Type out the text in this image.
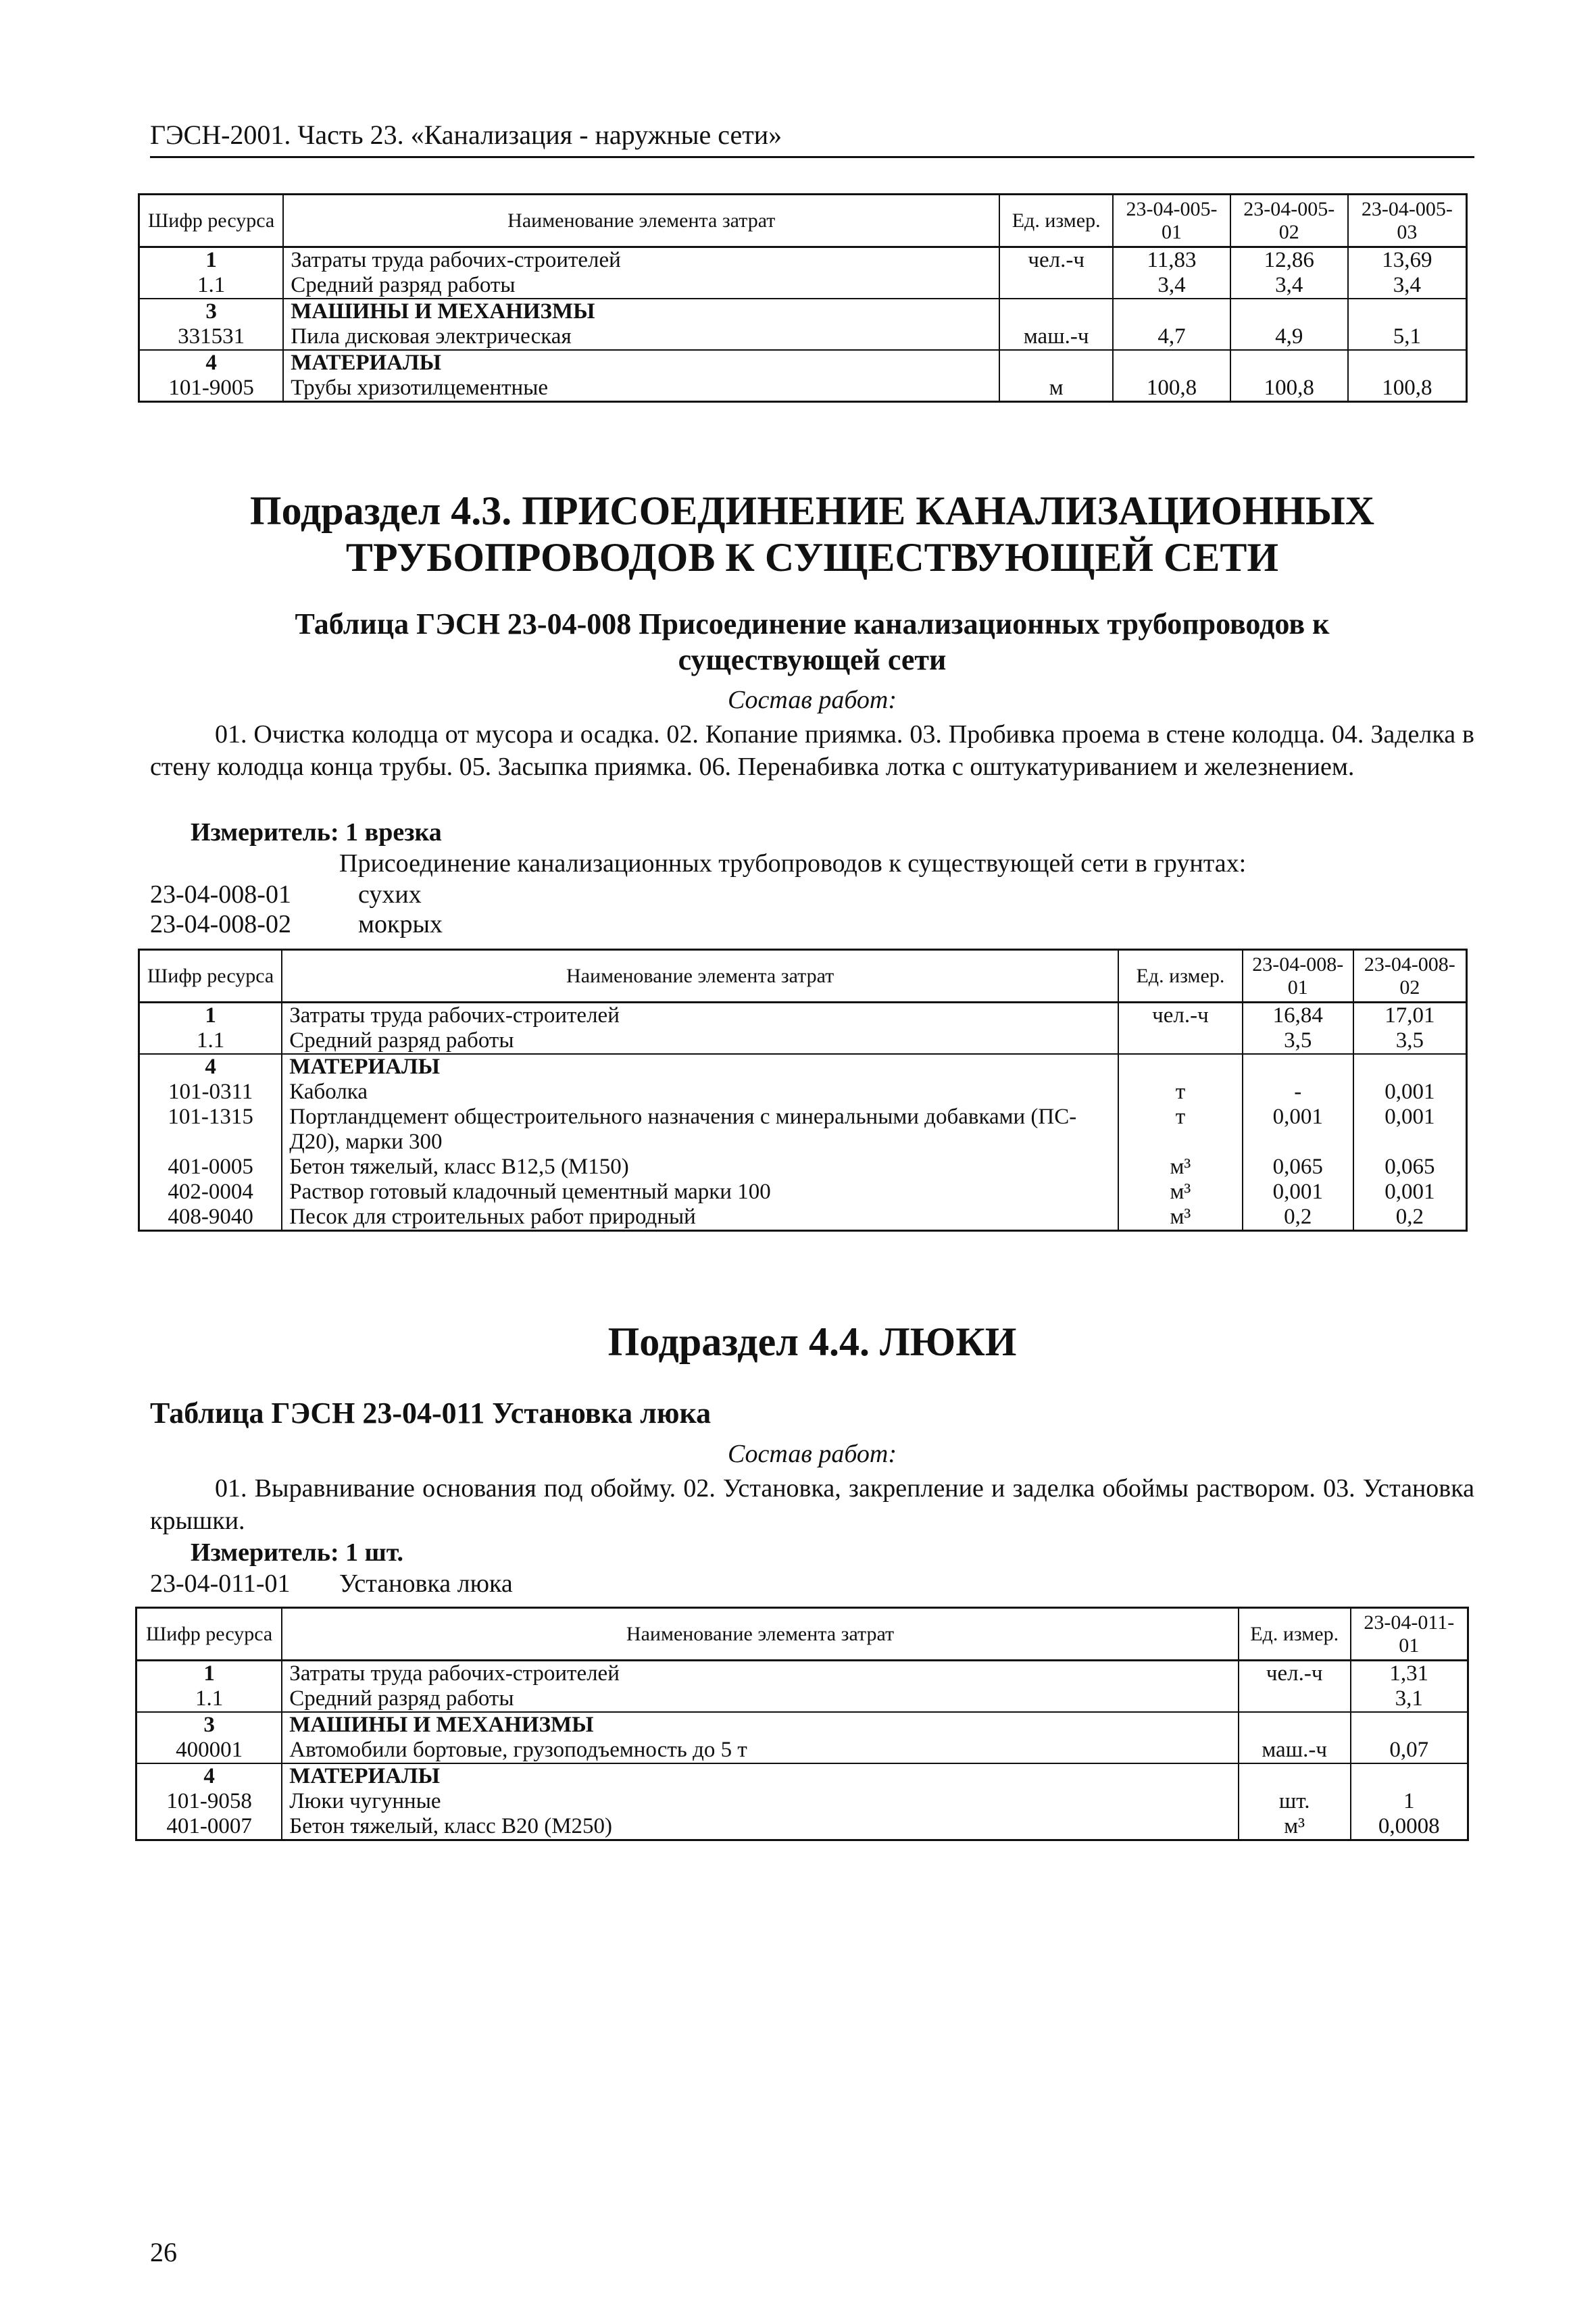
ГЭСН-2001. Часть 23. «Канализация - наружные сети»
Шифр ресурса	Наименование элемента затрат	Ед. измер.	23-04-005-01	23-04-005-02	23-04-005-03
1	Затраты труда рабочих-строителей	чел.-ч	11,83	12,86	13,69
1.1	Средний разряд работы		3,4	3,4	3,4
3	МАШИНЫ И МЕХАНИЗМЫ				
331531	Пила дисковая электрическая	маш.-ч	4,7	4,9	5,1
4	МАТЕРИАЛЫ				
101-9005	Трубы хризотилцементные	м	100,8	100,8	100,8
Подраздел 4.3. ПРИСОЕДИНЕНИЕ КАНАЛИЗАЦИОННЫХ
ТРУБОПРОВОДОВ К СУЩЕСТВУЮЩЕЙ СЕТИ
Таблица ГЭСН 23-04-008 Присоединение канализационных трубопроводов к
существующей сети
Состав работ:
01. Очистка колодца от мусора и осадка. 02. Копание приямка. 03. Пробивка проема в стене колодца. 04. Заделка в стену колодца конца трубы. 05. Засыпка приямка. 06. Перенабивка лотка с оштукатуриванием и железнением.
Измеритель: 1 врезка
Присоединение канализационных трубопроводов к существующей сети в грунтах:
23-04-008-01	сухих
23-04-008-02	мокрых
Шифр ресурса	Наименование элемента затрат	Ед. измер.	23-04-008-01	23-04-008-02
1	Затраты труда рабочих-строителей	чел.-ч	16,84	17,01
1.1	Средний разряд работы		3,5	3,5
4	МАТЕРИАЛЫ			
101-0311	Каболка	т	-	0,001
101-1315	Портландцемент общестроительного назначения с минеральными добавками (ПС-Д20), марки 300	т	0,001	0,001
401-0005	Бетон тяжелый, класс В12,5 (М150)	м³	0,065	0,065
402-0004	Раствор готовый кладочный цементный марки 100	м³	0,001	0,001
408-9040	Песок для строительных работ природный	м³	0,2	0,2
Подраздел 4.4. ЛЮКИ
Таблица ГЭСН 23-04-011 Установка люка
Состав работ:
01. Выравнивание основания под обойму. 02. Установка, закрепление и заделка обоймы раствором. 03. Установка крышки.
Измеритель: 1 шт.
23-04-011-01 Установка люка
Шифр ресурса	Наименование элемента затрат	Ед. измер.	23-04-011-01
1	Затраты труда рабочих-строителей	чел.-ч	1,31
1.1	Средний разряд работы		3,1
3	МАШИНЫ И МЕХАНИЗМЫ		
400001	Автомобили бортовые, грузоподъемность до 5 т	маш.-ч	0,07
4	МАТЕРИАЛЫ		
101-9058	Люки чугунные	шт.	1
401-0007	Бетон тяжелый, класс В20 (М250)	м³	0,0008
26
